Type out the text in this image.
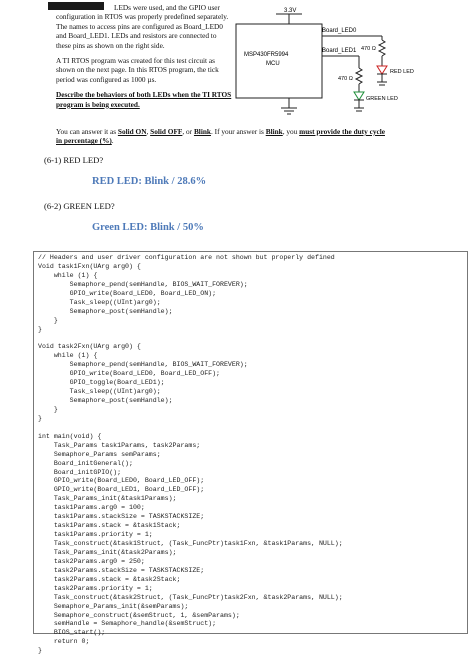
LEDs were used, and the GPIO user configuration in RTOS was properly predefined separately. The names to access pins are configured as Board_LED0 and Board_LED1. LEDs and resistors are connected to these pins as shown on the right side.

A TI RTOS program was created for this test circuit as shown on the next page. In this RTOS program, the tick period was configured as 1000 µs.

Describe the behaviors of both LEDs when the TI RTOS program is being executed.

3.3V
MSP430FR5994
MCU
Board_LED0
470 Ω
RED LED
Board_LED1
470 Ω
GREEN LED
You can answer it as Solid ON, Solid OFF, or Blink. If your answer is Blink, you must provide the duty cycle in percentage (%).
(6-1) RED LED?
RED LED: Blink / 28.6%
(6-2) GREEN LED?
Green LED: Blink / 50%
// Headers and user driver configuration are not shown but properly defined
Void task1Fxn(UArg arg0) {
while (1) {
Semaphore_pend(semHandle, BIOS_WAIT_FOREVER);
GPIO_write(Board_LED0, Board_LED_ON);
Task_sleep((UInt)arg0);
Semaphore_post(semHandle);
}
}
Void task2Fxn(UArg arg0) {
while (1) {
Semaphore_pend(semHandle, BIOS_WAIT_FOREVER);
GPIO_write(Board_LED0, Board_LED_OFF);
GPIO_toggle(Board_LED1);
Task_sleep((UInt)arg0);
Semaphore_post(semHandle);
}
}
int main(void) {
Task_Params task1Params, task2Params;
Semaphore_Params semParams;
Board_initGeneral();
Board_initGPIO();
GPIO_write(Board_LED0, Board_LED_OFF);
GPIO_write(Board_LED1, Board_LED_OFF);
Task_Params_init(&task1Params);
task1Params.arg0 = 100;
task1Params.stackSize = TASKSTACKSIZE;
task1Params.stack = &task1Stack;
task1Params.priority = 1;
Task_construct(&task1Struct, (Task_FuncPtr)task1Fxn, &task1Params, NULL);
Task_Params_init(&task2Params);
task2Params.arg0 = 250;
task2Params.stackSize = TASKSTACKSIZE;
task2Params.stack = &task2Stack;
task2Params.priority = 1;
Task_construct(&task2Struct, (Task_FuncPtr)task2Fxn, &task2Params, NULL);
Semaphore_Params_init(&semParams);
Semaphore_construct(&semStruct, 1, &semParams);
semHandle = Semaphore_handle(&semStruct);
BIOS_start();
return 0;
}
